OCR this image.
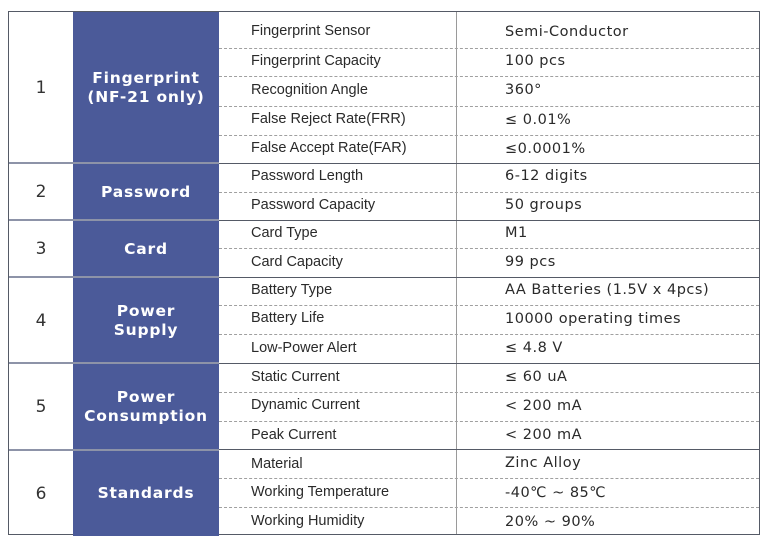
1	Fingerprint
(NF-21 only)
Fingerprint Sensor	Semi-Conductor
Fingerprint Capacity	100 pcs
Recognition Angle	360°
False Reject Rate(FRR)	≤ 0.01%
False Accept Rate(FAR)	≤0.0001%
2	Password
Password Length	6-12 digits
Password Capacity	50 groups
3	Card
Card Type	M1
Card Capacity	99 pcs
4	Power
Supply
Battery Type	AA Batteries (1.5V x 4pcs)
Battery Life	10000 operating times
Low-Power Alert	≤ 4.8 V
5	Power
Consumption
Static Current	≤ 60 uA
Dynamic Current	< 200 mA
Peak Current	< 200 mA
6	Standards
Material	Zinc Alloy
Working Temperature	-40℃ ~ 85℃
Working Humidity	20% ~ 90%
